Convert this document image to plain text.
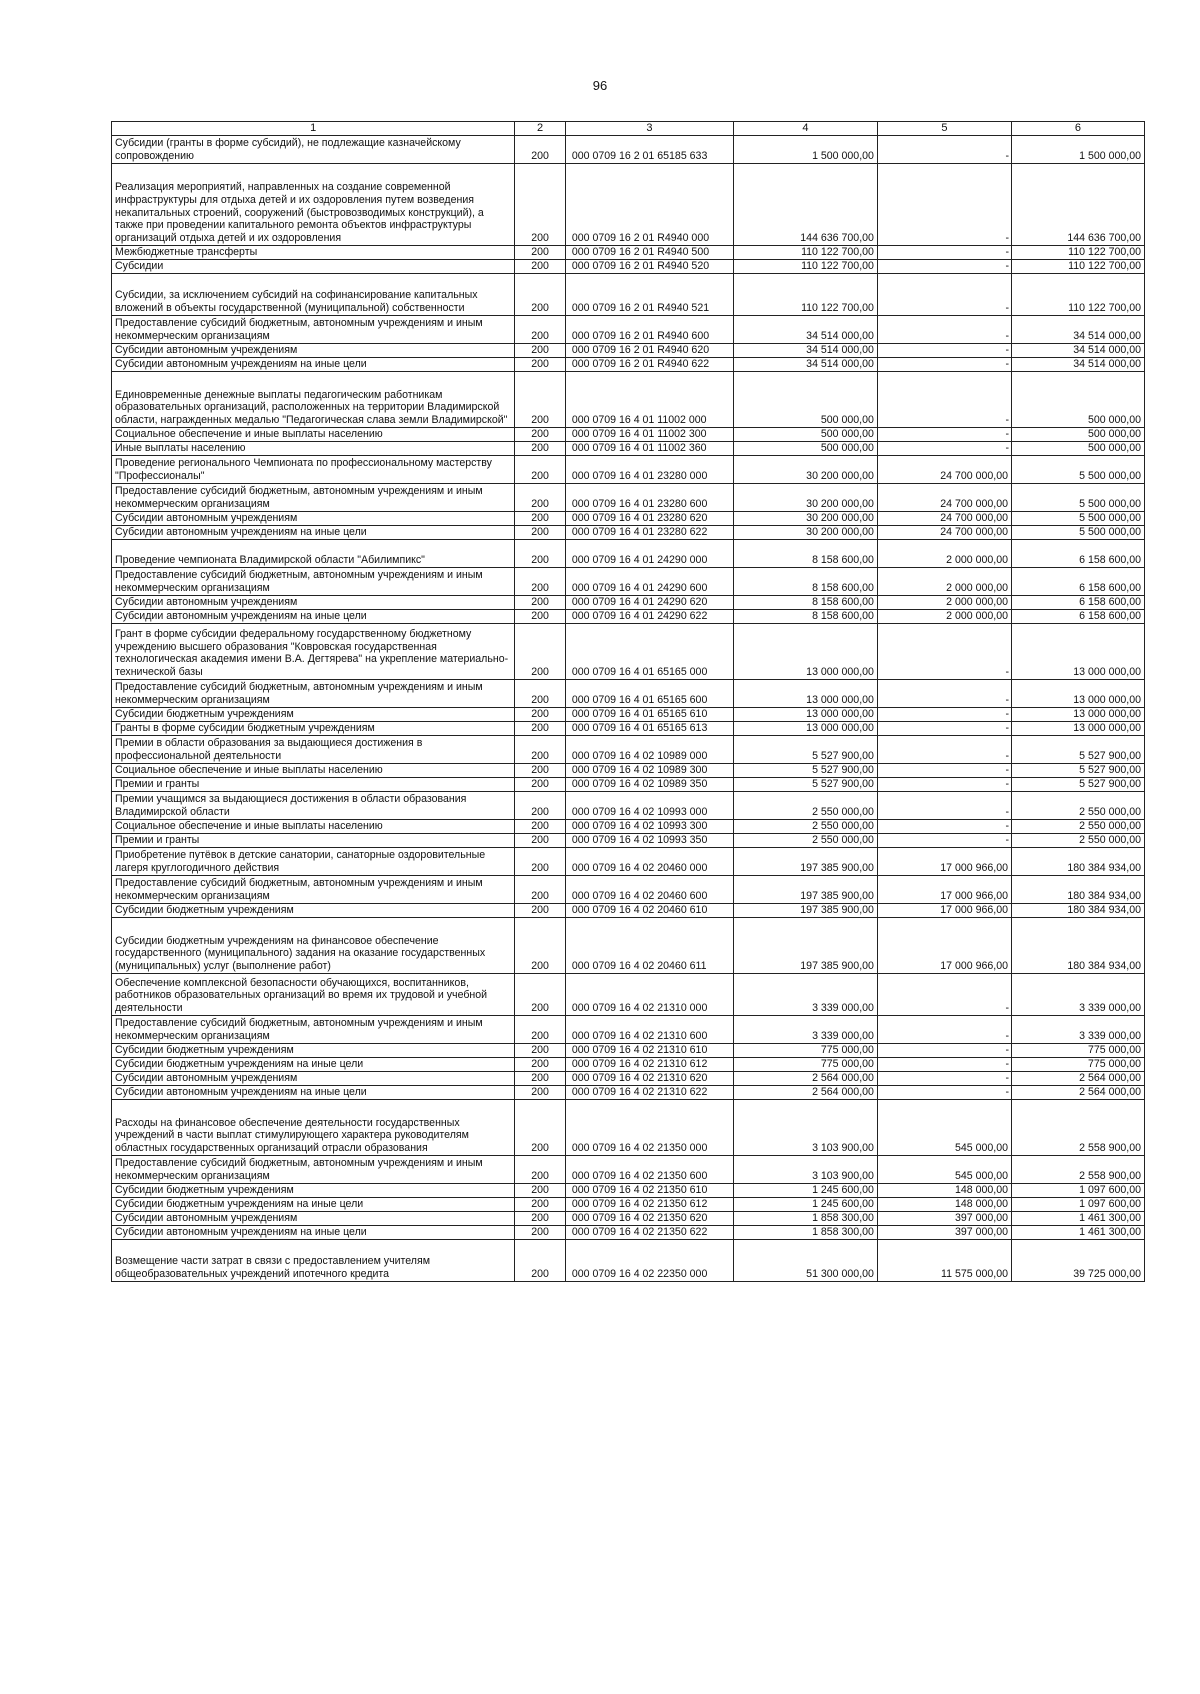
96
1	2	3	4	5	6
Субсидии (гранты в форме субсидий), не подлежащие казначейскому сопровождению	200	000 0709 16 2 01 65185 633	1 500 000,00	-	1 500 000,00
Реализация мероприятий, направленных на создание современной инфраструктуры для отдыха детей и их оздоровления путем возведения некапитальных строений, сооружений (быстровозводимых конструкций), а также при проведении капитального ремонта объектов инфраструктуры организаций отдыха детей и их оздоровления	200	000 0709 16 2 01 R4940 000	144 636 700,00	-	144 636 700,00
Межбюджетные трансферты	200	000 0709 16 2 01 R4940 500	110 122 700,00	-	110 122 700,00
Субсидии	200	000 0709 16 2 01 R4940 520	110 122 700,00	-	110 122 700,00
Субсидии, за исключением субсидий на софинансирование капитальных вложений в объекты государственной (муниципальной) собственности	200	000 0709 16 2 01 R4940 521	110 122 700,00	-	110 122 700,00
Предоставление субсидий бюджетным, автономным учреждениям и иным некоммерческим организациям	200	000 0709 16 2 01 R4940 600	34 514 000,00	-	34 514 000,00
Субсидии автономным учреждениям	200	000 0709 16 2 01 R4940 620	34 514 000,00	-	34 514 000,00
Субсидии автономным учреждениям на иные цели	200	000 0709 16 2 01 R4940 622	34 514 000,00	-	34 514 000,00
Единовременные денежные выплаты педагогическим работникам образовательных организаций, расположенных на территории Владимирской области, награжденных медалью "Педагогическая слава земли Владимирской"	200	000 0709 16 4 01 11002 000	500 000,00	-	500 000,00
Социальное обеспечение и иные выплаты населению	200	000 0709 16 4 01 11002 300	500 000,00	-	500 000,00
Иные выплаты населению	200	000 0709 16 4 01 11002 360	500 000,00	-	500 000,00
Проведение регионального Чемпионата по профессиональному мастерству "Профессионалы"	200	000 0709 16 4 01 23280 000	30 200 000,00	24 700 000,00	5 500 000,00
Предоставление субсидий бюджетным, автономным учреждениям и иным некоммерческим организациям	200	000 0709 16 4 01 23280 600	30 200 000,00	24 700 000,00	5 500 000,00
Субсидии автономным учреждениям	200	000 0709 16 4 01 23280 620	30 200 000,00	24 700 000,00	5 500 000,00
Субсидии автономным учреждениям на иные цели	200	000 0709 16 4 01 23280 622	30 200 000,00	24 700 000,00	5 500 000,00
Проведение чемпионата Владимирской области "Абилимпикс"	200	000 0709 16 4 01 24290 000	8 158 600,00	2 000 000,00	6 158 600,00
Предоставление субсидий бюджетным, автономным учреждениям и иным некоммерческим организациям	200	000 0709 16 4 01 24290 600	8 158 600,00	2 000 000,00	6 158 600,00
Субсидии автономным учреждениям	200	000 0709 16 4 01 24290 620	8 158 600,00	2 000 000,00	6 158 600,00
Субсидии автономным учреждениям на иные цели	200	000 0709 16 4 01 24290 622	8 158 600,00	2 000 000,00	6 158 600,00
Грант в форме субсидии федеральному государственному бюджетному учреждению высшего образования "Ковровская государственная технологическая академия имени В.А. Дегтярева" на укрепление материально-технической базы	200	000 0709 16 4 01 65165 000	13 000 000,00	-	13 000 000,00
Предоставление субсидий бюджетным, автономным учреждениям и иным некоммерческим организациям	200	000 0709 16 4 01 65165 600	13 000 000,00	-	13 000 000,00
Субсидии бюджетным учреждениям	200	000 0709 16 4 01 65165 610	13 000 000,00	-	13 000 000,00
Гранты в форме субсидии бюджетным учреждениям	200	000 0709 16 4 01 65165 613	13 000 000,00	-	13 000 000,00
Премии в области образования за выдающиеся достижения в профессиональной деятельности	200	000 0709 16 4 02 10989 000	5 527 900,00	-	5 527 900,00
Социальное обеспечение и иные выплаты населению	200	000 0709 16 4 02 10989 300	5 527 900,00	-	5 527 900,00
Премии и гранты	200	000 0709 16 4 02 10989 350	5 527 900,00	-	5 527 900,00
Премии учащимся за выдающиеся достижения в области образования Владимирской области	200	000 0709 16 4 02 10993 000	2 550 000,00	-	2 550 000,00
Социальное обеспечение и иные выплаты населению	200	000 0709 16 4 02 10993 300	2 550 000,00	-	2 550 000,00
Премии и гранты	200	000 0709 16 4 02 10993 350	2 550 000,00	-	2 550 000,00
Приобретение путёвок в детские санатории, санаторные оздоровительные лагеря круглогодичного действия	200	000 0709 16 4 02 20460 000	197 385 900,00	17 000 966,00	180 384 934,00
Предоставление субсидий бюджетным, автономным учреждениям и иным некоммерческим организациям	200	000 0709 16 4 02 20460 600	197 385 900,00	17 000 966,00	180 384 934,00
Субсидии бюджетным учреждениям	200	000 0709 16 4 02 20460 610	197 385 900,00	17 000 966,00	180 384 934,00
Субсидии бюджетным учреждениям на финансовое обеспечение государственного (муниципального) задания на оказание государственных (муниципальных) услуг (выполнение работ)	200	000 0709 16 4 02 20460 611	197 385 900,00	17 000 966,00	180 384 934,00
Обеспечение комплексной безопасности обучающихся, воспитанников, работников образовательных организаций во время их трудовой и учебной деятельности	200	000 0709 16 4 02 21310 000	3 339 000,00	-	3 339 000,00
Предоставление субсидий бюджетным, автономным учреждениям и иным некоммерческим организациям	200	000 0709 16 4 02 21310 600	3 339 000,00	-	3 339 000,00
Субсидии бюджетным учреждениям	200	000 0709 16 4 02 21310 610	775 000,00	-	775 000,00
Субсидии бюджетным учреждениям на иные цели	200	000 0709 16 4 02 21310 612	775 000,00	-	775 000,00
Субсидии автономным учреждениям	200	000 0709 16 4 02 21310 620	2 564 000,00	-	2 564 000,00
Субсидии автономным учреждениям на иные цели	200	000 0709 16 4 02 21310 622	2 564 000,00	-	2 564 000,00
Расходы на финансовое обеспечение деятельности государственных учреждений в части выплат стимулирующего характера руководителям областных государственных организаций отрасли образования	200	000 0709 16 4 02 21350 000	3 103 900,00	545 000,00	2 558 900,00
Предоставление субсидий бюджетным, автономным учреждениям и иным некоммерческим организациям	200	000 0709 16 4 02 21350 600	3 103 900,00	545 000,00	2 558 900,00
Субсидии бюджетным учреждениям	200	000 0709 16 4 02 21350 610	1 245 600,00	148 000,00	1 097 600,00
Субсидии бюджетным учреждениям на иные цели	200	000 0709 16 4 02 21350 612	1 245 600,00	148 000,00	1 097 600,00
Субсидии автономным учреждениям	200	000 0709 16 4 02 21350 620	1 858 300,00	397 000,00	1 461 300,00
Субсидии автономным учреждениям на иные цели	200	000 0709 16 4 02 21350 622	1 858 300,00	397 000,00	1 461 300,00
Возмещение части затрат в связи с предоставлением учителям общеобразовательных учреждений ипотечного кредита	200	000 0709 16 4 02 22350 000	51 300 000,00	11 575 000,00	39 725 000,00
